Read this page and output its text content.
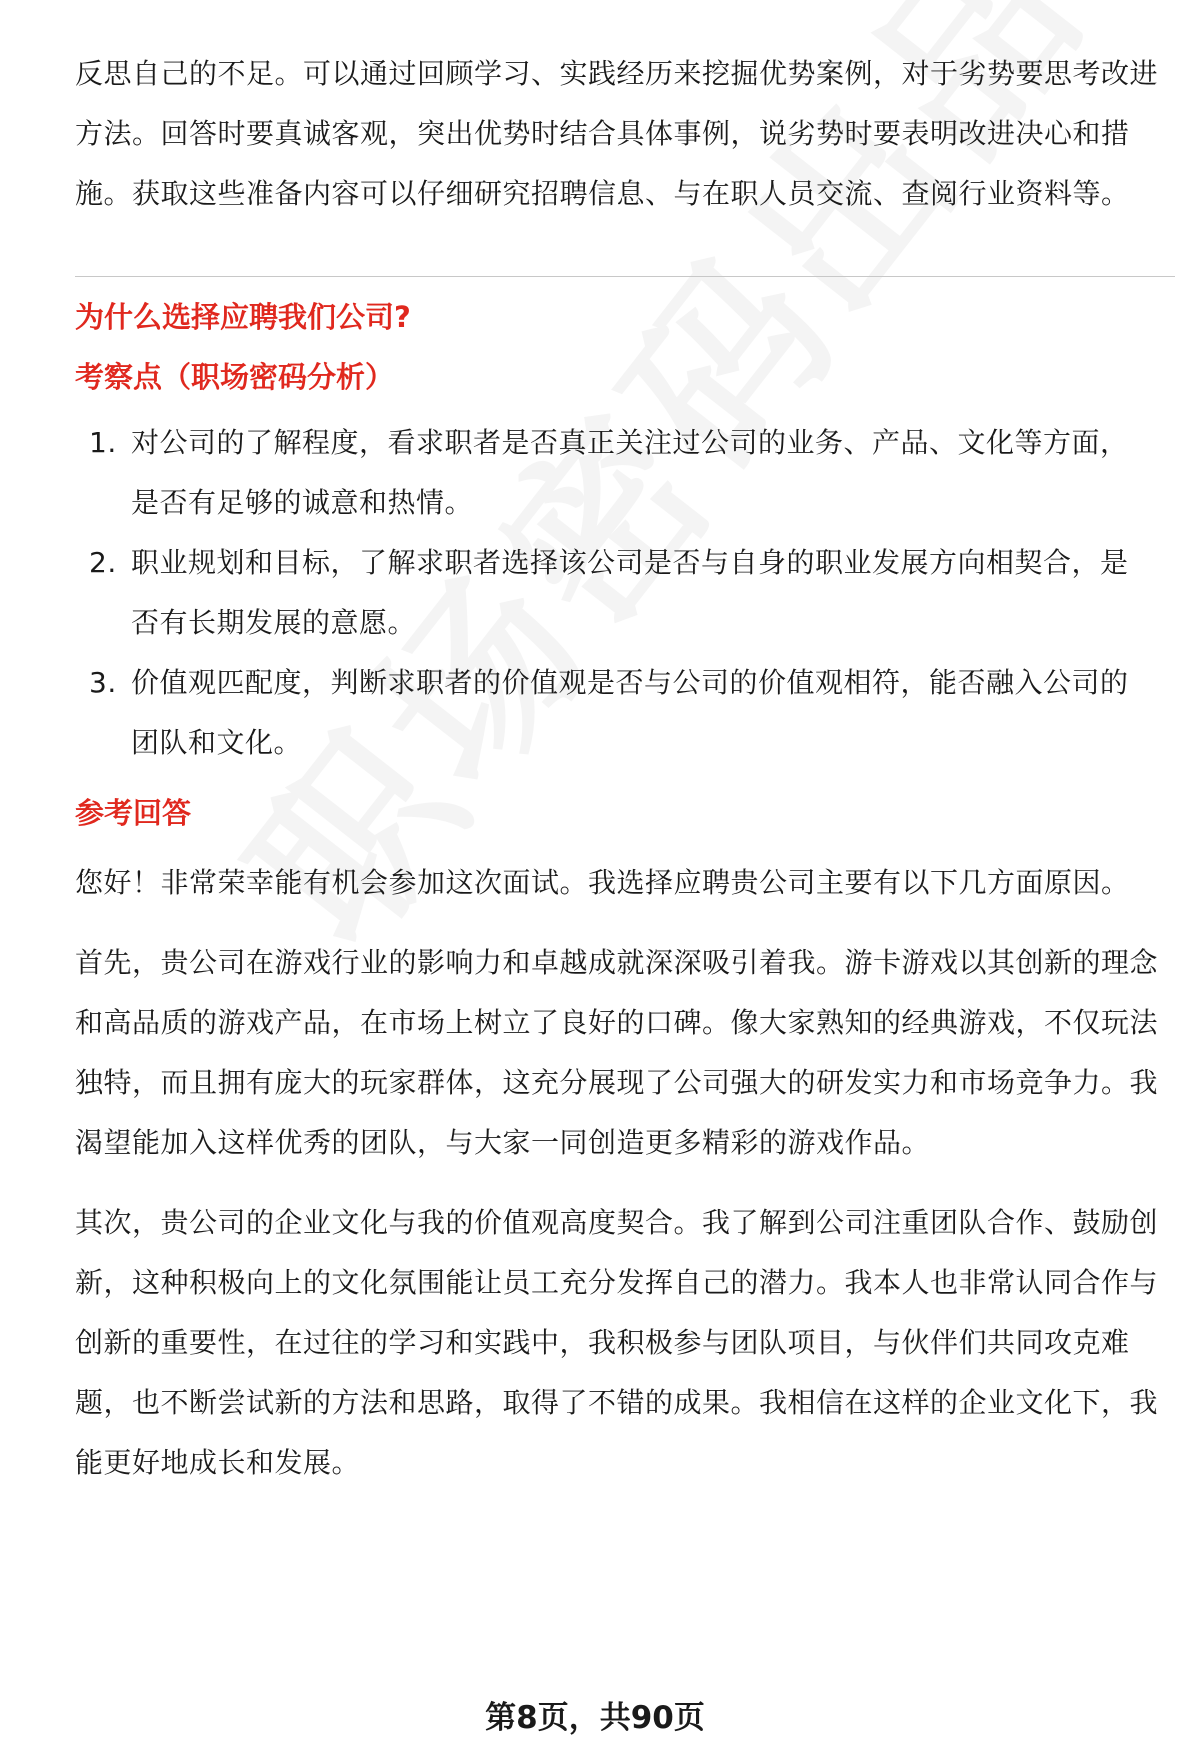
反思自己的不足。可以通过回顾学习、实践经历来挖掘优势案例，对于劣势要思考改进方法。回答时要真诚客观，突出优势时结合具体事例，说劣势时要表明改进决心和措施。获取这些准备内容可以仔细研究招聘信息、与在职人员交流、查阅行业资料等。

为什么选择应聘我们公司?

考察点（职场密码分析）

1. 对公司的了解程度，看求职者是否真正关注过公司的业务、产品、文化等方面，是否有足够的诚意和热情。
2. 职业规划和目标，了解求职者选择该公司是否与自身的职业发展方向相契合，是否有长期发展的意愿。
3. 价值观匹配度，判断求职者的价值观是否与公司的价值观相符，能否融入公司的团队和文化。

参考回答

您好！非常荣幸能有机会参加这次面试。我选择应聘贵公司主要有以下几方面原因。

首先，贵公司在游戏行业的影响力和卓越成就深深吸引着我。游卡游戏以其创新的理念和高品质的游戏产品，在市场上树立了良好的口碑。像大家熟知的经典游戏，不仅玩法独特，而且拥有庞大的玩家群体，这充分展现了公司强大的研发实力和市场竞争力。我渴望能加入这样优秀的团队，与大家一同创造更多精彩的游戏作品。

其次，贵公司的企业文化与我的价值观高度契合。我了解到公司注重团队合作、鼓励创新，这种积极向上的文化氛围能让员工充分发挥自己的潜力。我本人也非常认同合作与创新的重要性，在过往的学习和实践中，我积极参与团队项目，与伙伴们共同攻克难题，也不断尝试新的方法和思路，取得了不错的成果。我相信在这样的企业文化下，我能更好地成长和发展。

第8页，共90页
